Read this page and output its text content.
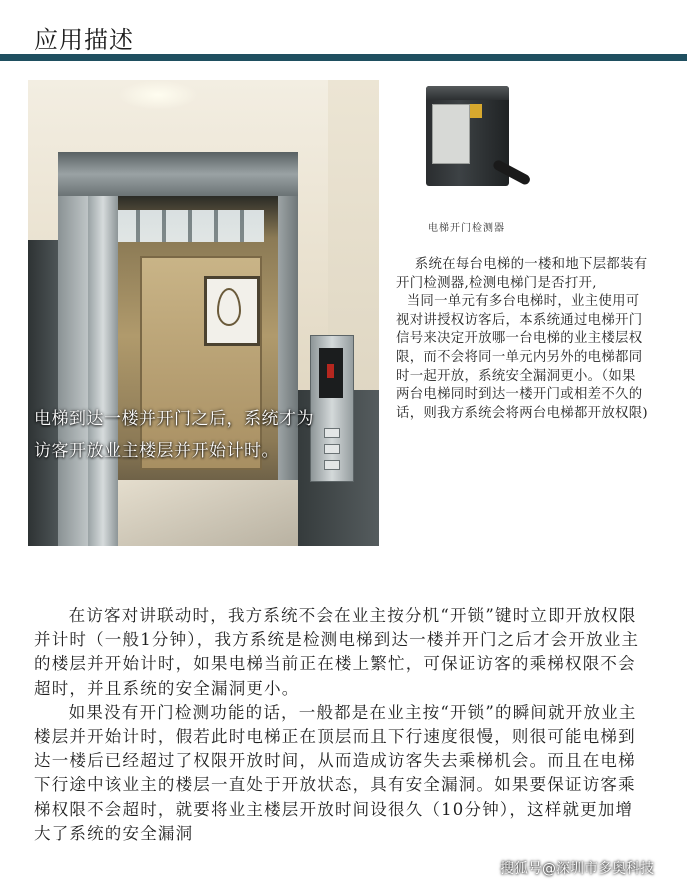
应用描述
电梯到达一楼并开门之后，系统才为访客开放业主楼层并开始计时。
电梯开门检测器

系统在每台电梯的一楼和地下层都装有开门检测器,检测电梯门是否打开,

当同一单元有多台电梯时，业主使用可视对讲授权访客后，本系统通过电梯开门信号来决定开放哪一台电梯的业主楼层权限，而不会将同一单元内另外的电梯都同时一起开放，系统安全漏洞更小。（如果两台电梯同时到达一楼开门或相差不久的话，则我方系统会将两台电梯都开放权限)

在访客对讲联动时，我方系统不会在业主按分机“开锁”键时立即开放权限并计时（一般1分钟），我方系统是检测电梯到达一楼并开门之后才会开放业主的楼层并开始计时，如果电梯当前正在楼上繁忙，可保证访客的乘梯权限不会超时，并且系统的安全漏洞更小。

如果没有开门检测功能的话，一般都是在业主按“开锁”的瞬间就开放业主楼层并开始计时，假若此时电梯正在顶层而且下行速度很慢，则很可能电梯到达一楼后已经超过了权限开放时间，从而造成访客失去乘梯机会。而且在电梯下行途中该业主的楼层一直处于开放状态，具有安全漏洞。如果要保证访客乘梯权限不会超时，就要将业主楼层开放时间设很久（10分钟），这样就更加增大了系统的安全漏洞

搜狐号@深圳市多奥科技
